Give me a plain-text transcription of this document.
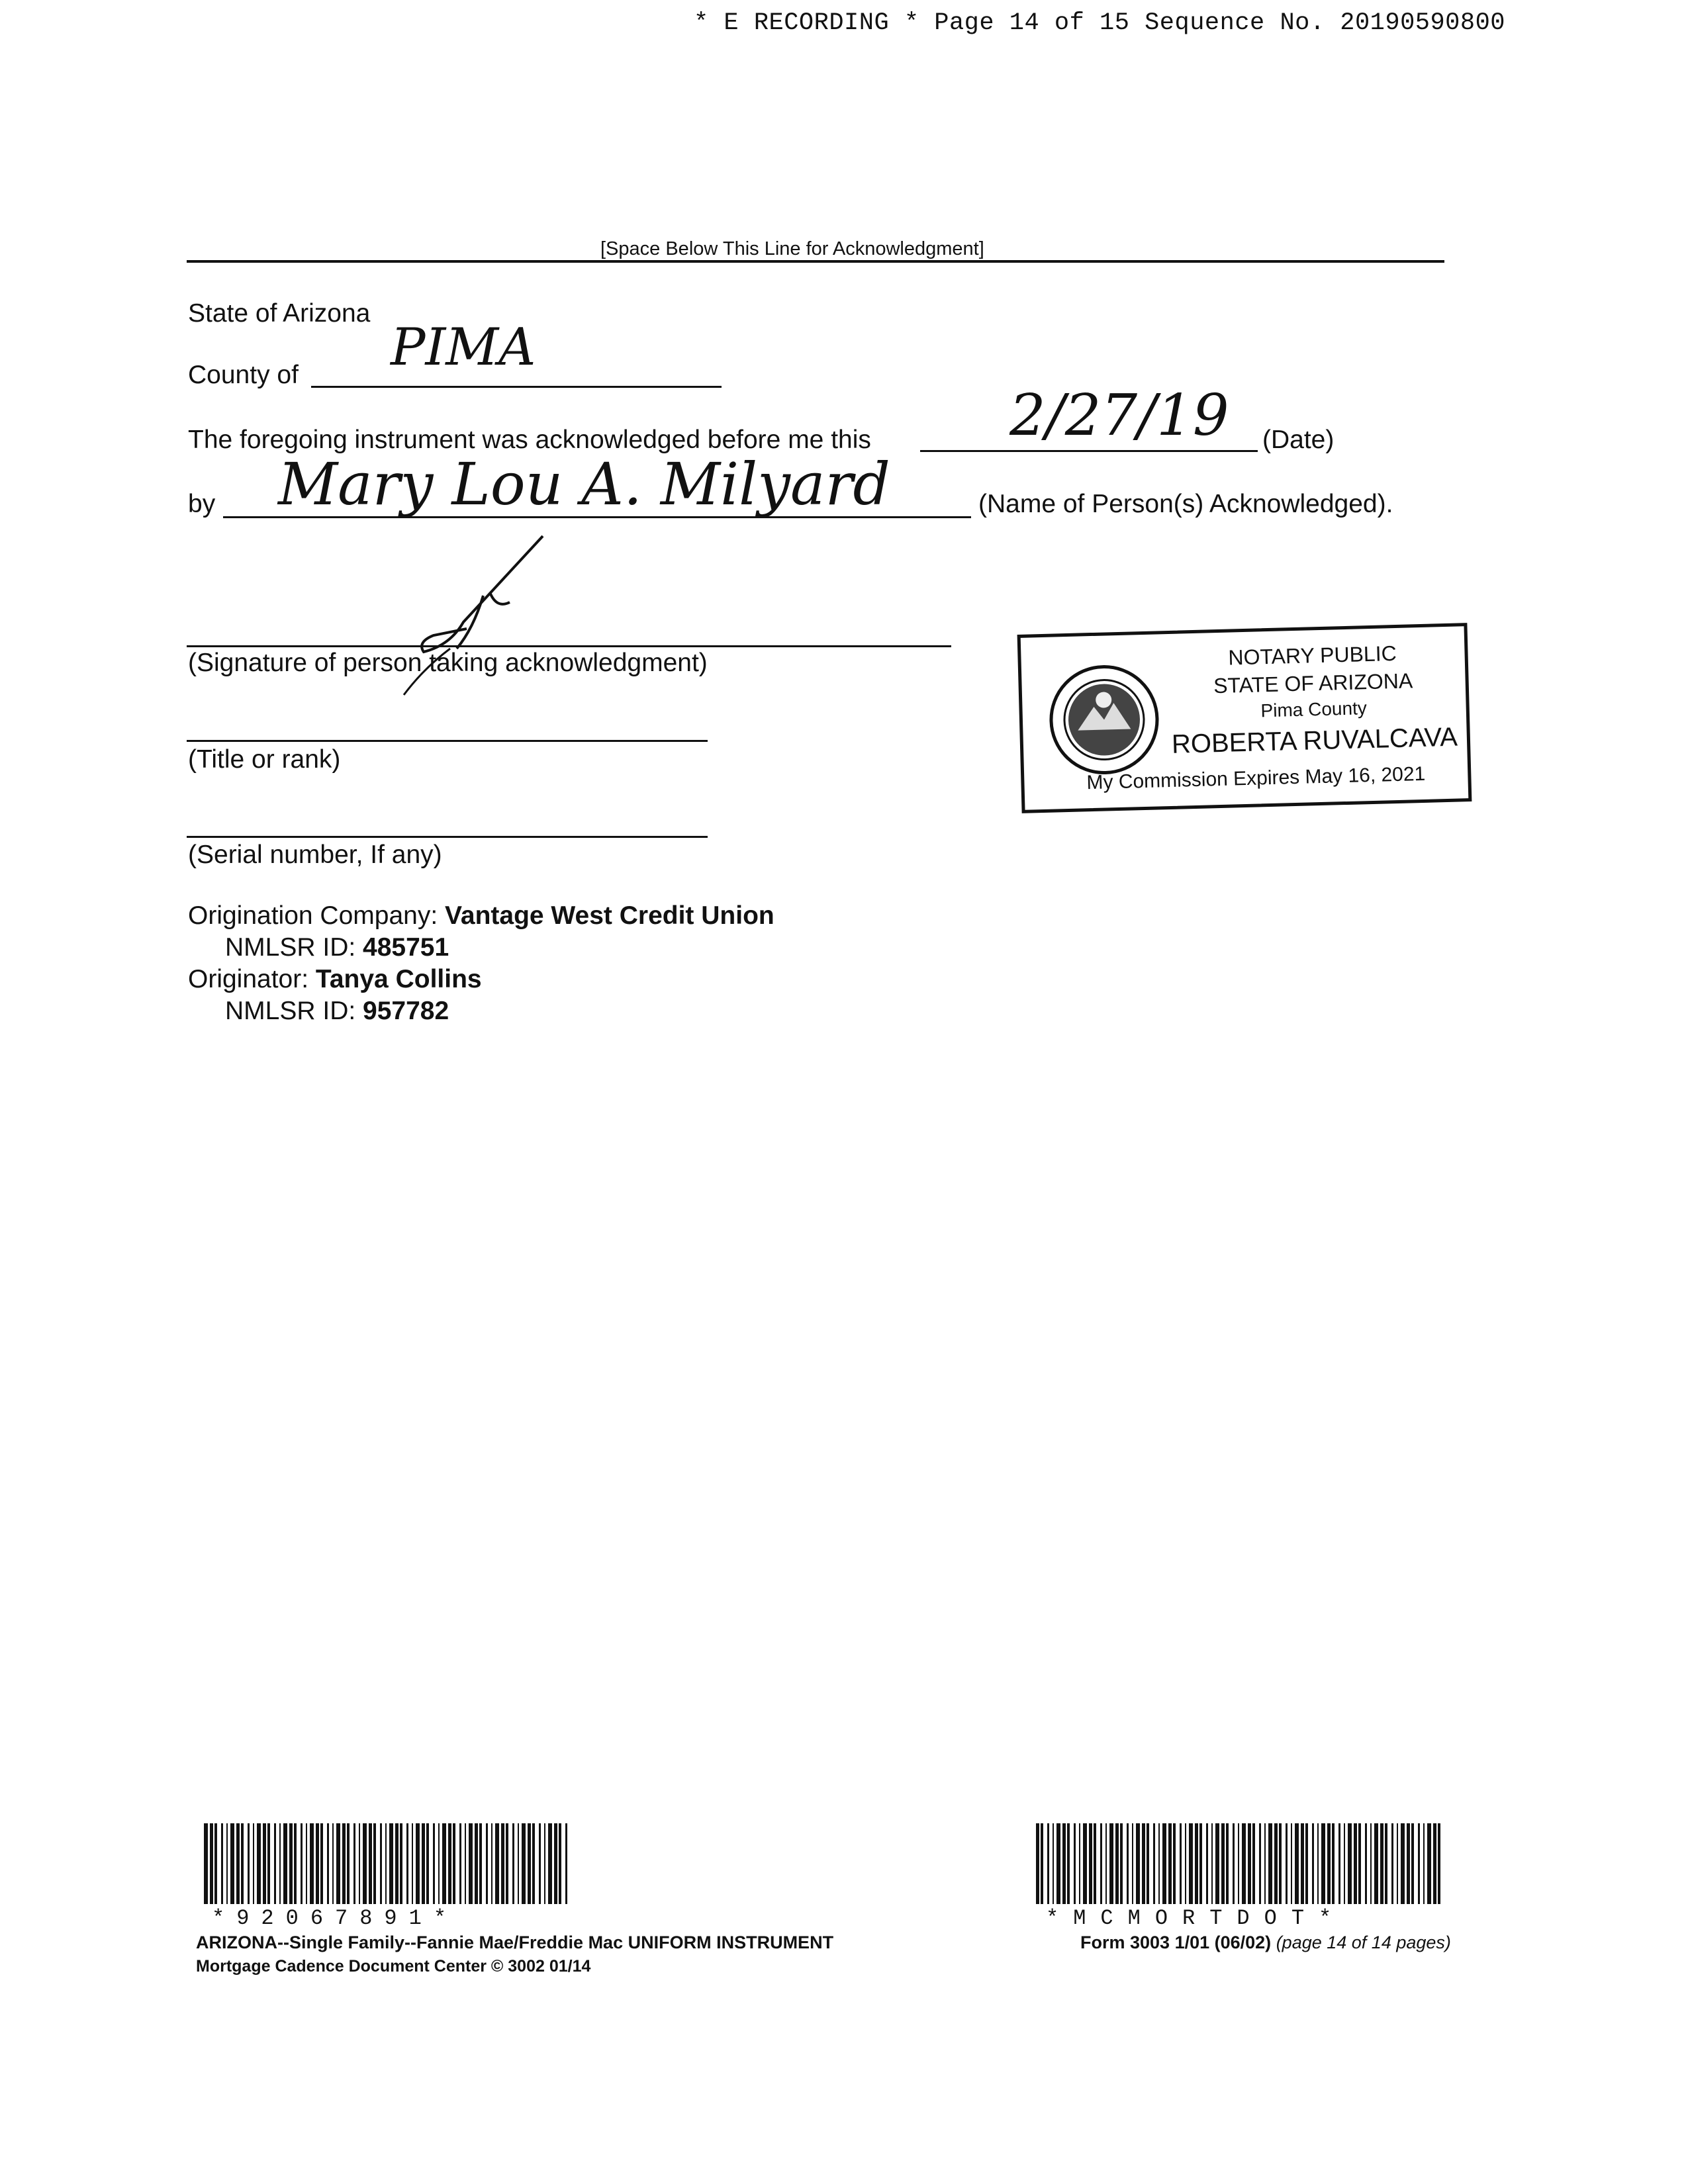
* E RECORDING * Page 14 of 15 Sequence No. 20190590800
[Space Below This Line for Acknowledgment]
State of Arizona
County of PIMA
The foregoing instrument was acknowledged before me this 2/27/19 (Date)
by Mary Lou A. Milyard	(Name of Person(s) Acknowledged).
(Signature of person taking acknowledgment)
(Title or rank)
(Serial number, If any)
NOTARY PUBLIC
STATE OF ARIZONA
Pima County
ROBERTA RUVALCAVA
My Commission Expires May 16, 2021
Origination Company: Vantage West Credit Union
NMLSR ID: 485751
Originator: Tanya Collins
NMLSR ID: 957782
*92067891*	*MCMORTDOT*
ARIZONA--Single Family--Fannie Mae/Freddie Mac UNIFORM INSTRUMENT
Mortgage Cadence Document Center © 3002 01/14
Form 3003 1/01 (06/02) (page 14 of 14 pages)
